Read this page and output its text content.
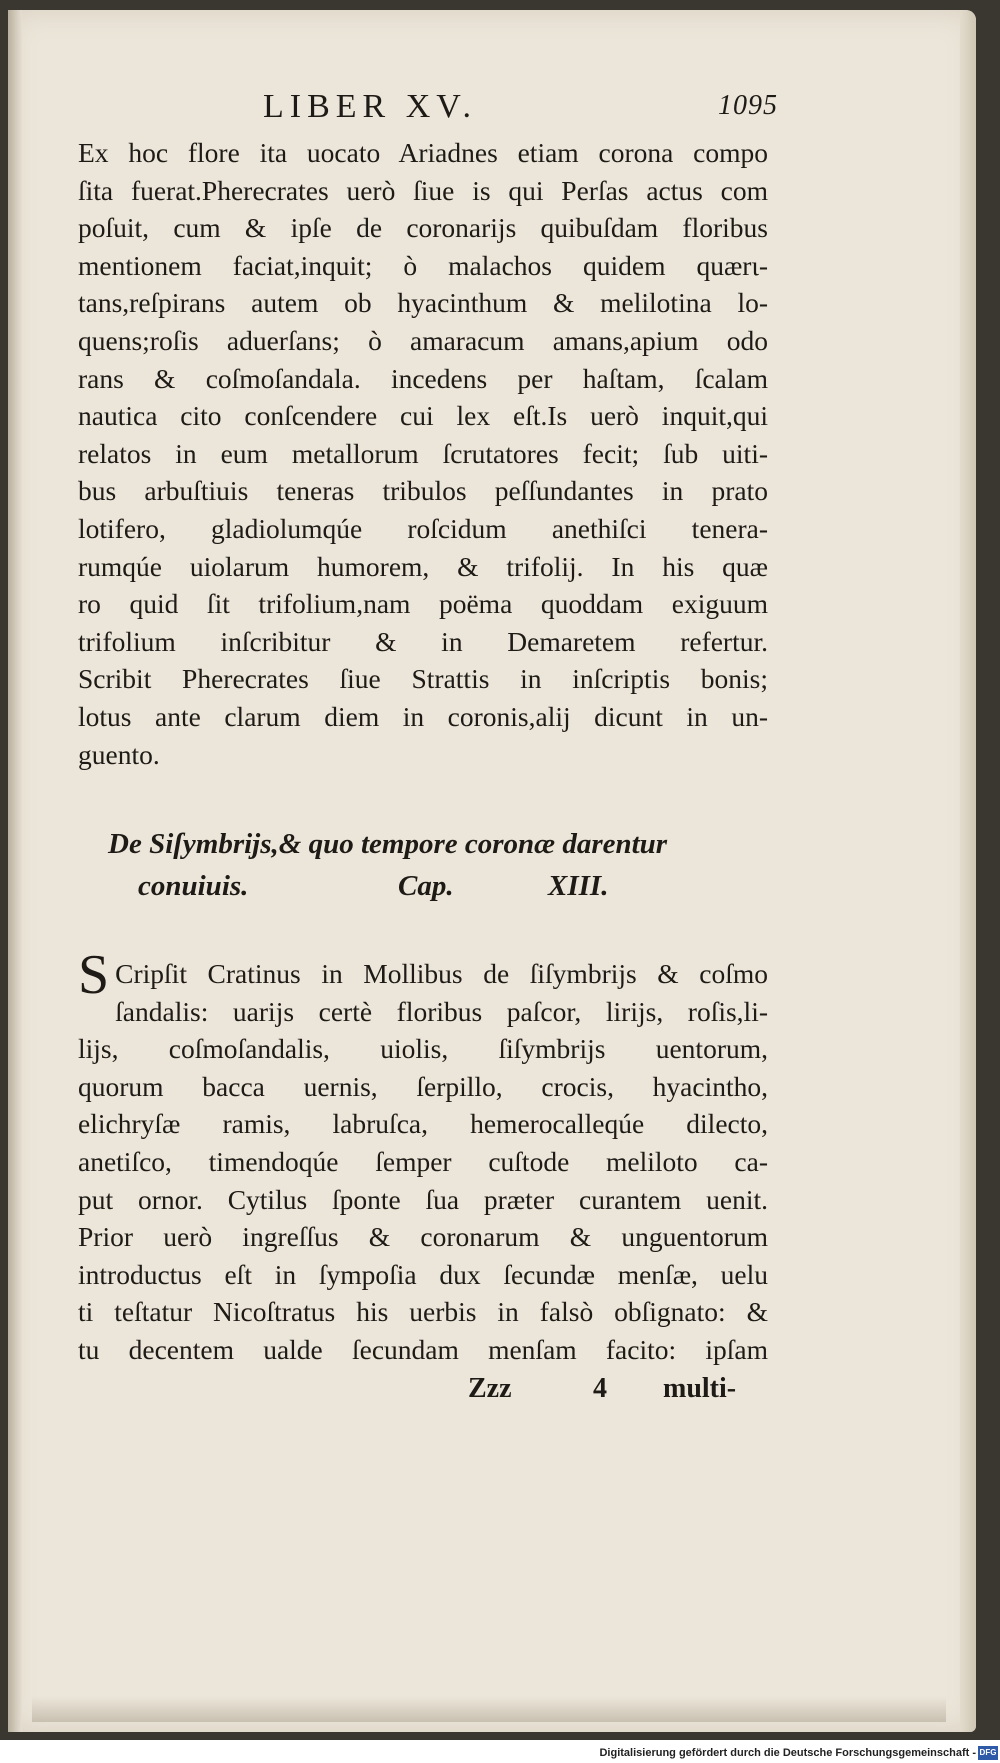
LIBER XV.	1095
Ex hoc flore ita uocato Ariadnes etiam corona compo
ſita fuerat.Pherecrates uerò ſiue is qui Perſas actus com
poſuit, cum & ipſe de coronarijs quibuſdam floribus
mentionem faciat,inquit; ò malachos quidem quærι-
tans,reſpirans autem ob hyacinthum & melilotina lo-
quens;roſis aduerſans; ò amaracum amans,apium odo
rans & coſmoſandala. incedens per haſtam, ſcalam
nautica cito conſcendere cui lex eſt.Is uerò inquit,qui
relatos in eum metallorum ſcrutatores fecit; ſub uiti-
bus arbuſtiuis teneras tribulos peſſundantes in prato
lotifero, gladiolumqúe roſcidum anethiſci tenera-
rumqúe uiolarum humorem, & trifolij. In his quæ
ro quid ſit trifolium,nam poëma quoddam exiguum
trifolium inſcribitur & in Demaretem refertur.
Scribit Pherecrates ſiue Strattis in inſcriptis bonis;
lotus ante clarum diem in coronis,alij dicunt in un-
guento.
De Siſymbrijs,& quo tempore coronæ darentur
conuiuis.	Cap.	XIII.
S Cripſit Cratinus in Mollibus de ſiſymbrijs & coſmo
ſandalis: uarijs certè floribus paſcor, lirijs, roſis,li-
lijs, coſmoſandalis, uiolis, ſiſymbrijs uentorum,
quorum bacca uernis, ſerpillo, crocis, hyacintho,
elichryſæ ramis, labruſca, hemerocalleqúe dilecto,
anetiſco, timendoqúe ſemper cuſtode meliloto ca-
put ornor. Cytilus ſponte ſua præter curantem uenit.
Prior uerò ingreſſus & coronarum & unguentorum
introductus eſt in ſympoſia dux ſecundæ menſæ, uelu
ti teſtatur Nicoſtratus his uerbis in falsò obſignato: &
tu decentem ualde ſecundam menſam facito: ipſam
Zzz	4 multi-
Digitalisierung gefördert durch die Deutsche Forschungsgemeinschaft - DFG
